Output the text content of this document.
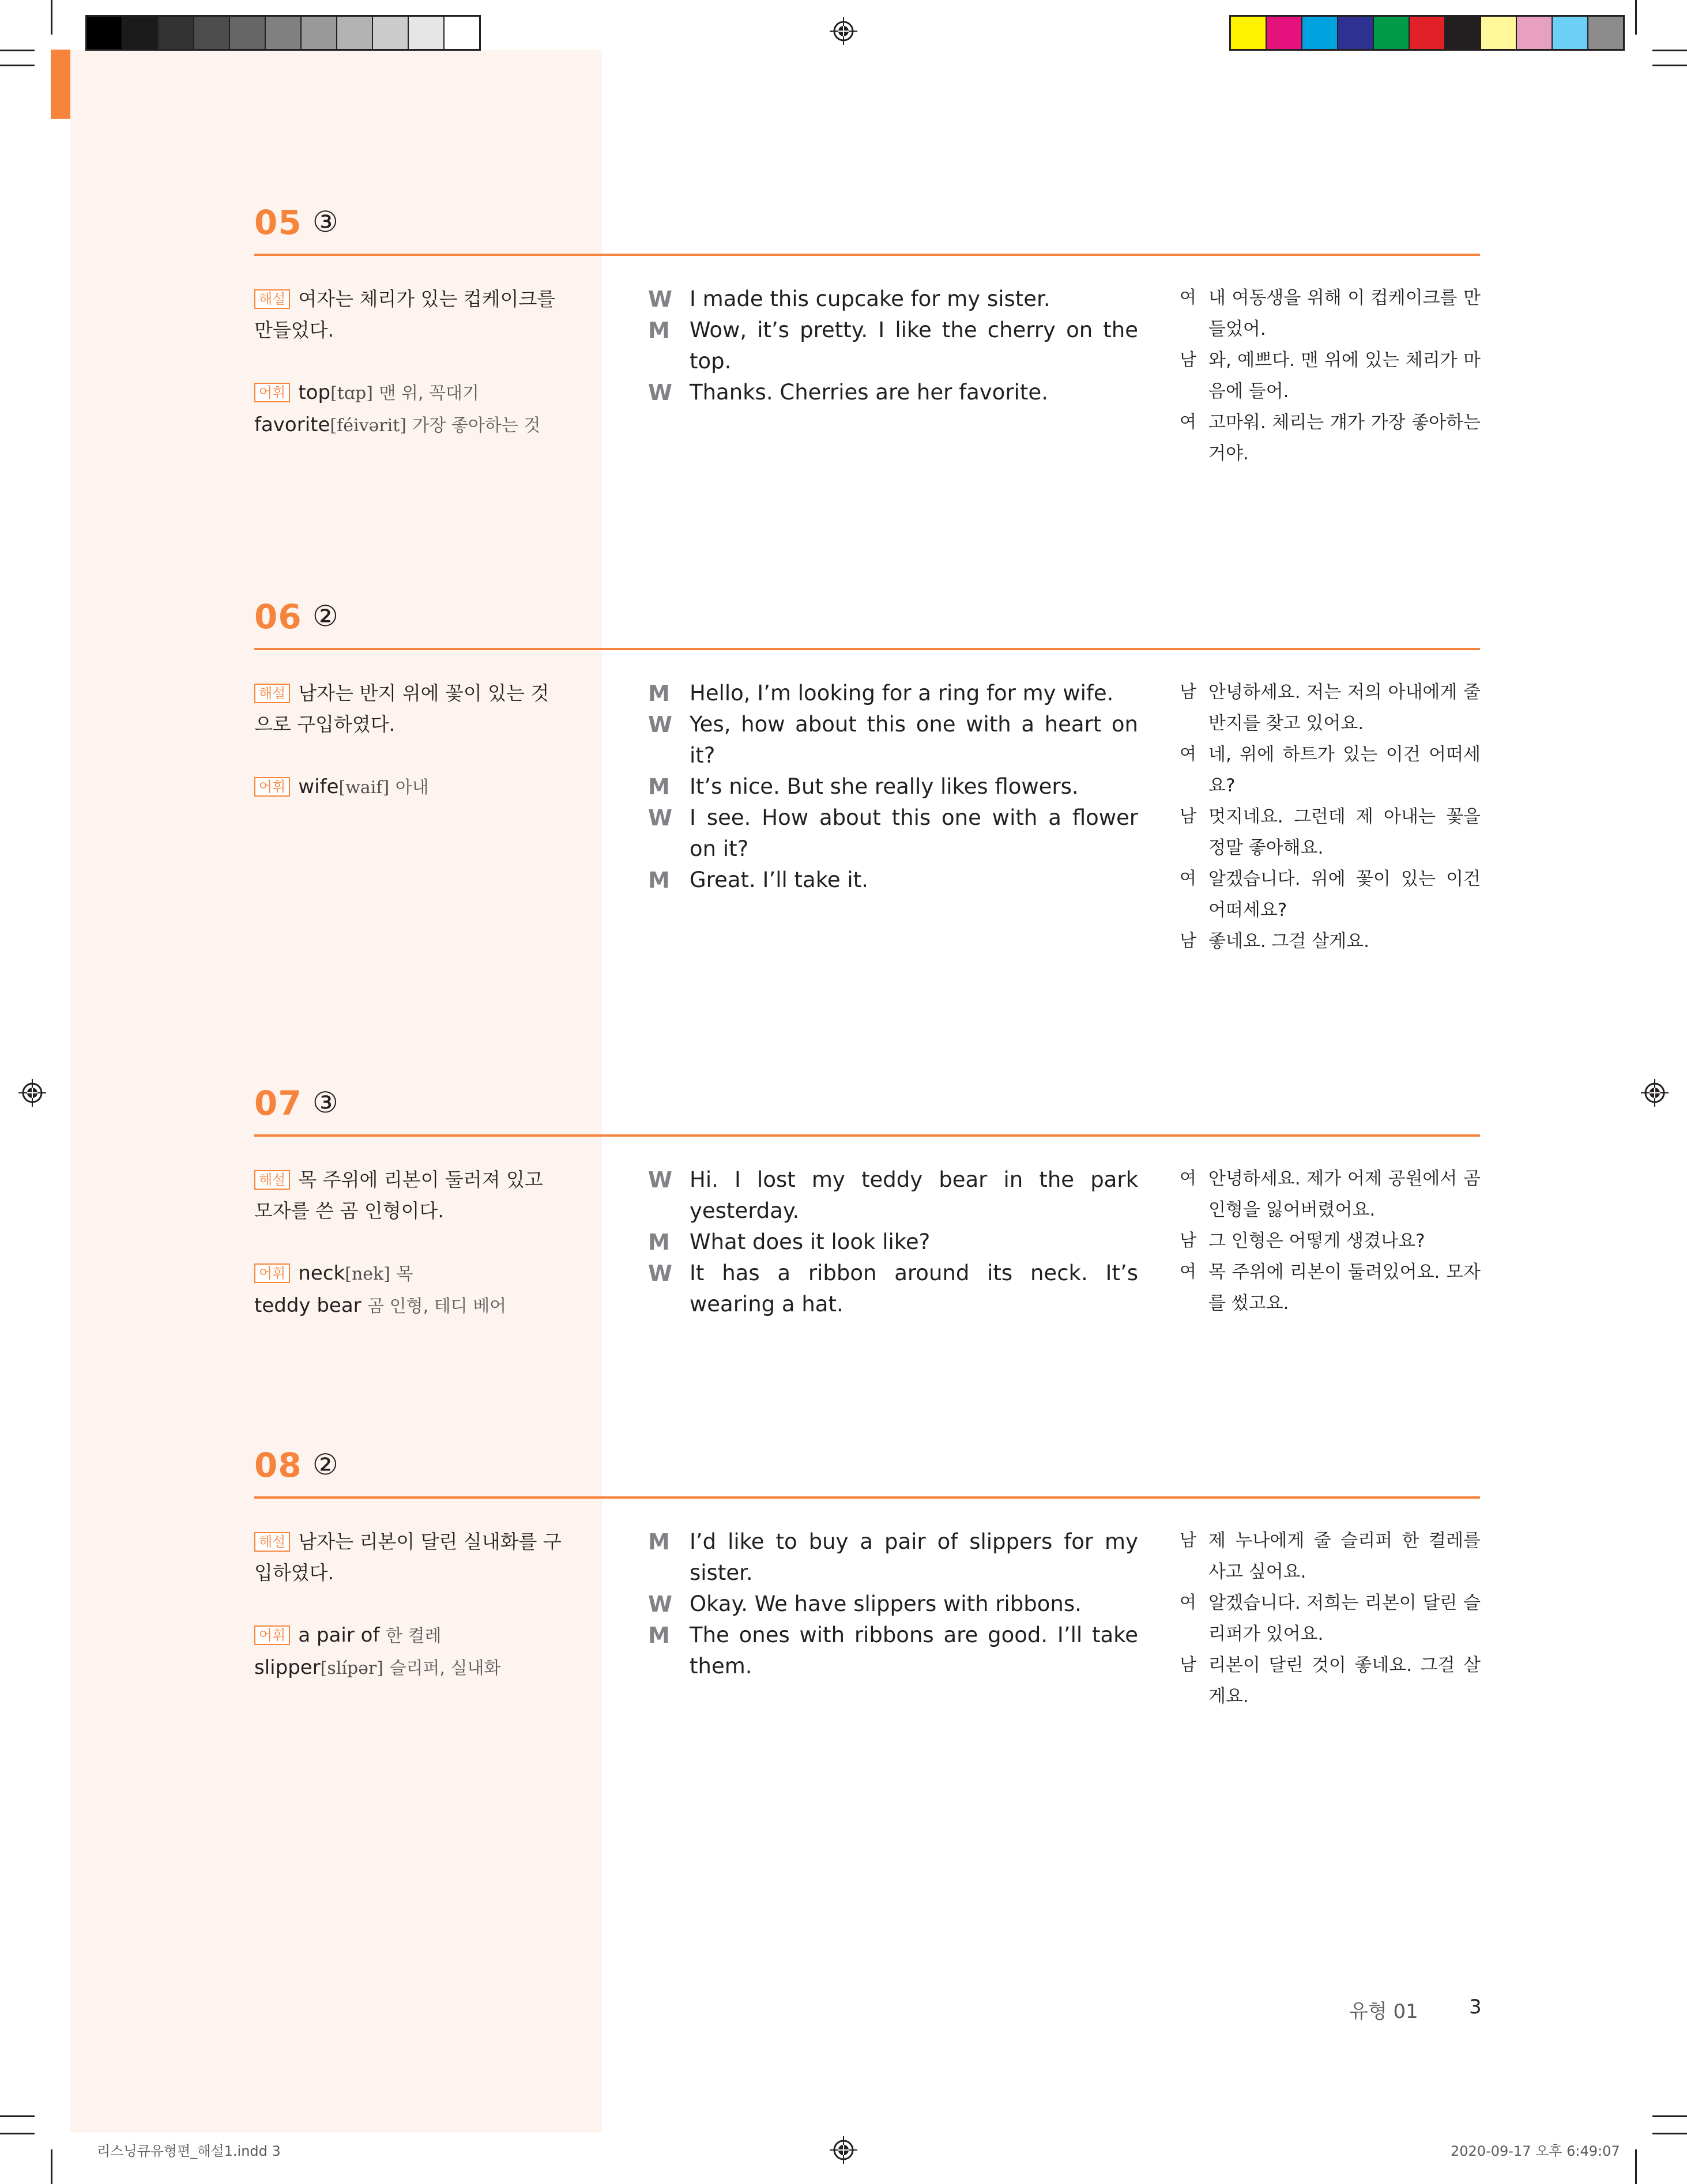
05 ③
해설 여자는 체리가 있는 컵케이크를 만들었다.
어휘 top[tɑp] 맨 위, 꼭대기
favorite[féivərit] 가장 좋아하는 것
W I made this cupcake for my sister.
M Wow, it’s pretty. I like the cherry on the top.
W Thanks. Cherries are her favorite.
여 내 여동생을 위해 이 컵케이크를 만들었어.
남 와, 예쁘다. 맨 위에 있는 체리가 마음에 들어.
여 고마워. 체리는 걔가 가장 좋아하는 거야.
06 ②
해설 남자는 반지 위에 꽃이 있는 것으로 구입하였다.
어휘 wife[waif] 아내
M Hello, I’m looking for a ring for my wife.
W Yes, how about this one with a heart on it?
M It’s nice. But she really likes flowers.
W I see. How about this one with a flower on it?
M Great. I’ll take it.
남 안녕하세요. 저는 저의 아내에게 줄 반지를 찾고 있어요.
여 네, 위에 하트가 있는 이건 어떠세요?
남 멋지네요. 그런데 제 아내는 꽃을 정말 좋아해요.
여 알겠습니다. 위에 꽃이 있는 이건 어떠세요?
남 좋네요. 그걸 살게요.
07 ③
해설 목 주위에 리본이 둘러져 있고 모자를 쓴 곰 인형이다.
어휘 neck[nek] 목
teddy bear 곰 인형, 테디 베어
W Hi. I lost my teddy bear in the park yesterday.
M What does it look like?
W It has a ribbon around its neck. It’s wearing a hat.
여 안녕하세요. 제가 어제 공원에서 곰 인형을 잃어버렸어요.
남 그 인형은 어떻게 생겼나요?
여 목 주위에 리본이 둘려있어요. 모자를 썼고요.
08 ②
해설 남자는 리본이 달린 실내화를 구입하였다.
어휘 a pair of 한 켤레
slipper[slípər] 슬리퍼, 실내화
M I’d like to buy a pair of slippers for my sister.
W Okay. We have slippers with ribbons.
M The ones with ribbons are good. I’ll take them.
남 제 누나에게 줄 슬리퍼 한 켤레를 사고 싶어요.
여 알겠습니다. 저희는 리본이 달린 슬리퍼가 있어요.
남 리본이 달린 것이 좋네요. 그걸 살게요.
유형 01	3
리스닝큐유형편_해설1.indd 3	2020-09-17 오후 6:49:07
